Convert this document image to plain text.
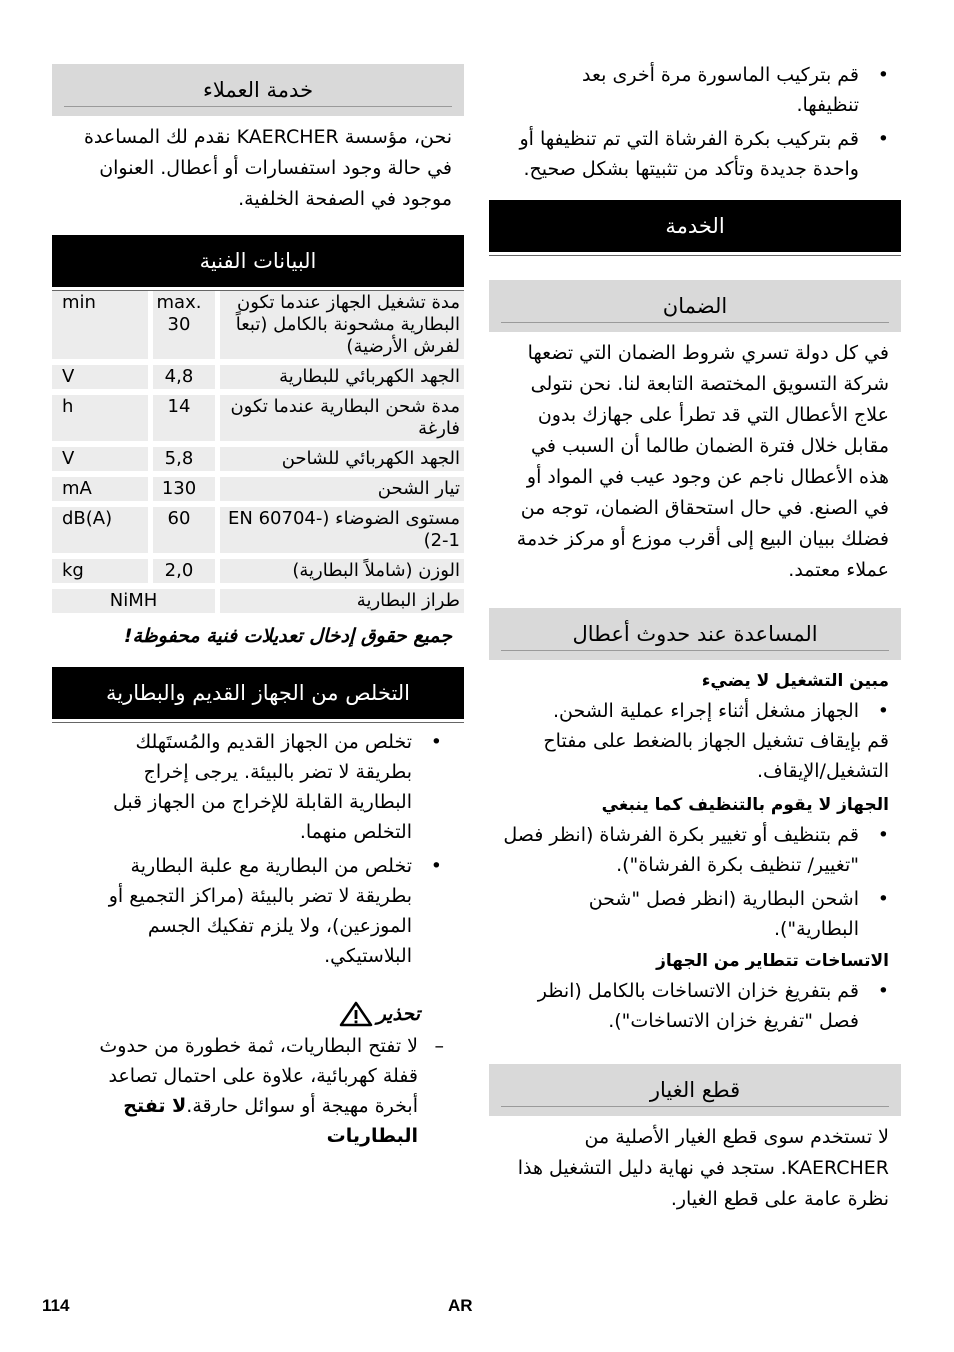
• قم بتركيب الماسورة مرة أخرى بعد تنظيفها.
• قم بتركيب بكرة الفرشاة التي تم تنظيفها أو واحدة جديدة وتأكد من تثبيتها بشكل صحيح.
الخدمة
الضمان

في كل دولة تسري شروط الضمان التي تضعها شركة التسويق المختصة التابعة لنا. نحن نتولى علاج الأعطال التي قد تطرأ على جهازك بدون مقابل خلال فترة الضمان طالما أن السبب في هذه الأعطال ناجم عن وجود عيب في المواد أو في الصنع. في حال استحقاق الضمان، توجه من فضلك ببيان البيع إلى أقرب موزع أو مركز خدمة عملاء معتمد.

المساعدة عند حدوث أعطال
مبين التشغيل لا يضيء
• الجهاز مشغل أثناء إجراء عملية الشحن.
قم بإيقاف تشغيل الجهاز بالضغط على مفتاح التشغيل/الإيقاف.
الجهاز لا يقوم بالتنظيف كما ينبغي
• قم بتنظيف أو تغيير بكرة الفرشاة (انظر فصل "تغيير/ تنظيف بكرة الفرشاة").
• اشحن البطارية (انظر فصل "شحن البطارية").
الاتساخات تتطاير من الجهاز
• قم بتفريغ خزان الاتساخات بالكامل (انظر فصل "تفريغ خزان الاتساخات").
قطع الغيار

لا تستخدم سوى قطع الغيار الأصلية من KAERCHER. ستجد في نهاية دليل التشغيل هذا نظرة عامة على قطع الغيار.

خدمة العملاء

نحن، مؤسسة KAERCHER نقدم لك المساعدة في حالة وجود استفسارات أو أعطال. العنوان موجود في الصفحة الخلفية.

البيانات الفنية
مدة تشغيل الجهاز عندما تكون البطارية مشحونة بالكامل (تبعاً لفرش الأرضية)	max. 30	min
الجهد الكهربائي للبطارية	4,8	V
مدة شحن البطارية عندما تكون فارغة	14	h
الجهد الكهربائي للشاحن	5,8	V
تيار الشحن	130	mA
مستوى الضوضاء (EN 60704-2-1)	60	dB(A)
الوزن (شاملاً البطارية)	2,0	kg
طراز البطارية	NiMH	
جميع حقوق إدخال تعديلات فنية محفوظة!
التخلص من الجهاز القديم والبطارية
• تخلص من الجهاز القديم والمُستَهلك بطريقة لا تضر بالبيئة. يرجى إخراج البطارية القابلة للإخراج من الجهاز قبل التخلص منهما.
• تخلص من البطارية مع علبة البطارية بطريقة لا تضر بالبيئة (مراكز التجميع أو الموزعين)، ولا يلزم تفكيك الجسم البلاستيكي.
تحذير
– لا تفتح البطاريات، ثمة خطورة من حدوث قفلة كهربائية، علاوة على احتمال تصاعد أبخرة مهيجة أو سوائل حارقة.لا تفتح البطاريات
114	AR
